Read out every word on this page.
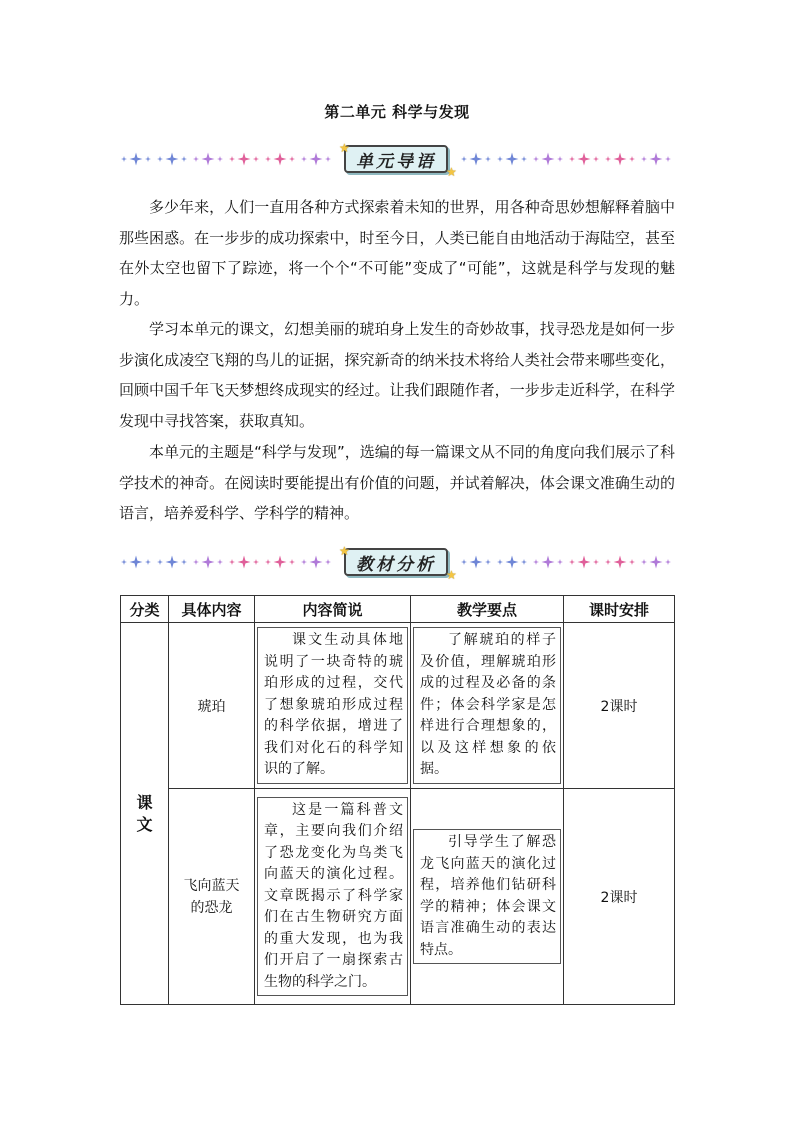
第二单元 科学与发现
单元导语
★
★

多少年来，人们一直用各种方式探索着未知的世界，用各种奇思妙想解释着脑中那些困惑。在一步步的成功探索中，时至今日，人类已能自由地活动于海陆空，甚至在外太空也留下了踪迹，将一个个“不可能”变成了“可能”，这就是科学与发现的魅力。

学习本单元的课文，幻想美丽的琥珀身上发生的奇妙故事，找寻恐龙是如何一步步演化成凌空飞翔的鸟儿的证据，探究新奇的纳米技术将给人类社会带来哪些变化，回顾中国千年飞天梦想终成现实的经过。让我们跟随作者，一步步走近科学，在科学发现中寻找答案，获取真知。

本单元的主题是“科学与发现”，选编的每一篇课文从不同的角度向我们展示了科学技术的神奇。在阅读时要能提出有价值的问题，并试着解决，体会课文准确生动的语言，培养爱科学、学科学的精神。

教材分析
★
★
分类	具体内容	内容简说	教学要点	课时安排

课
文	琥珀	课文生动具体地说明了一块奇特的琥珀形成的过程，交代了想象琥珀形成过程的科学依据，增进了我们对化石的科学知识的了解。	了解琥珀的样子及价值，理解琥珀形成的过程及必备的条件；体会科学家是怎样进行合理想象的，以及这样想象的依据。	2课时

	飞向蓝天的恐龙	这是一篇科普文章，主要向我们介绍了恐龙变化为鸟类飞向蓝天的演化过程。文章既揭示了科学家们在古生物研究方面的重大发现，也为我们开启了一扇探索古生物的科学之门。	引导学生了解恐龙飞向蓝天的演化过程，培养他们钻研科学的精神；体会课文语言准确生动的表达特点。	2课时
